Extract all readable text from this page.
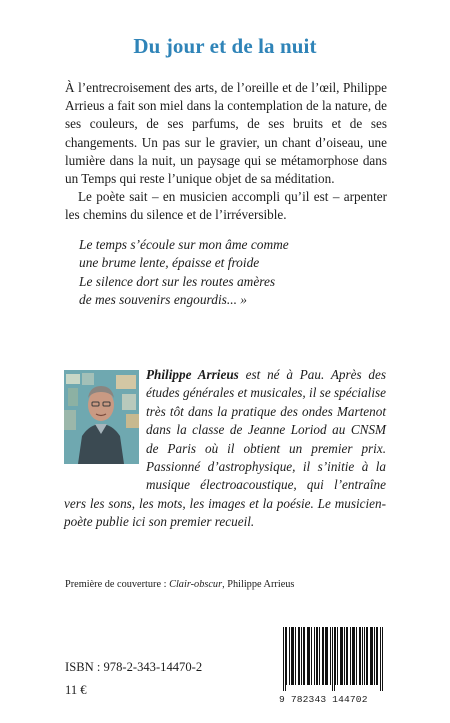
Du jour et de la nuit

À l’entrecroisement des arts, de l’oreille et de l’œil, Philippe Arrieus a fait son miel dans la contemplation de la nature, de ses couleurs, de ses parfums, de ses bruits et de ses changements. Un pas sur le gravier, un chant d’oiseau, une lumière dans la nuit, un paysage qui se métamorphose dans un Temps qui reste l’unique objet de sa méditation.

Le poète sait – en musicien accompli qu’il est – arpenter les chemins du silence et de l’irréversible.

Le temps s’écoule sur mon âme comme
une brume lente, épaisse et froide
Le silence dort sur les routes amères
de mes souvenirs engourdis... »

Philippe Arrieus est né à Pau. Après des études générales et musicales, il se spécialise très tôt dans la pratique des ondes Martenot dans la classe de Jeanne Loriod au CNSM de Paris où il obtient un premier prix. Passionné d’astrophysique, il s’initie à la musique électroacoustique, qui l’entraîne vers les sons, les mots, les images et la poésie. Le musicien-poète publie ici son premier recueil.

Première de couverture : Clair-obscur, Philippe Arrieus
ISBN : 978-2-343-14470-2
11 €
9 782343 144702
